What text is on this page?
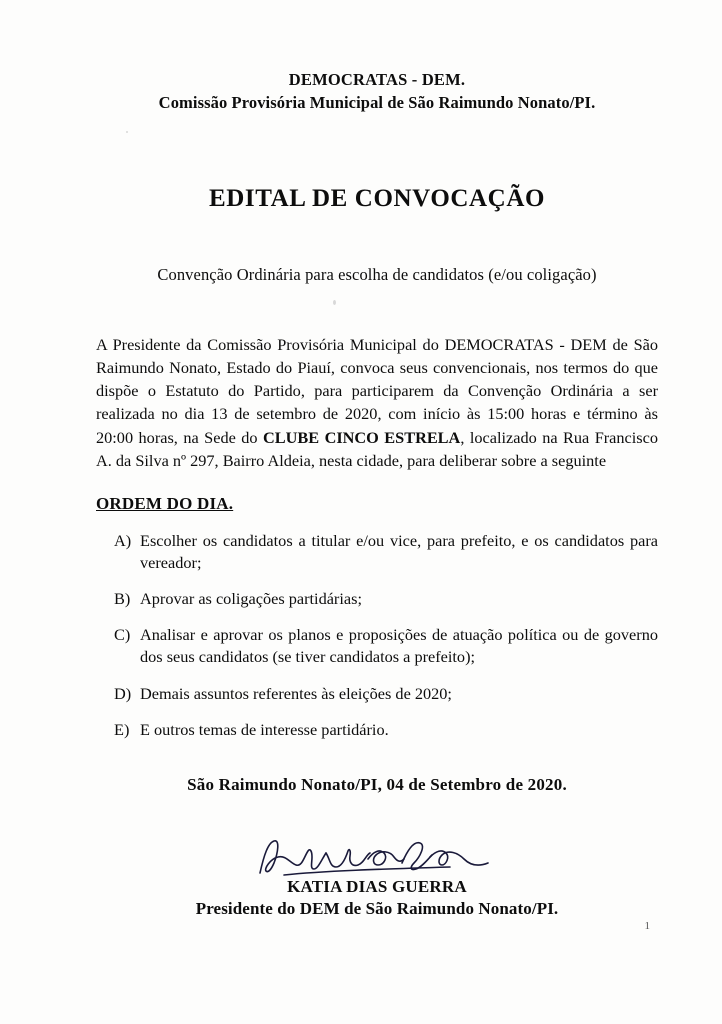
DEMOCRATAS - DEM.
Comissão Provisória Municipal de São Raimundo Nonato/PI.
EDITAL DE CONVOCAÇÃO
Convenção Ordinária para escolha de candidatos (e/ou coligação)

A Presidente da Comissão Provisória Municipal do DEMOCRATAS - DEM de São Raimundo Nonato, Estado do Piauí, convoca seus convencionais, nos termos do que dispõe o Estatuto do Partido, para participarem da Convenção Ordinária a ser realizada no dia 13 de setembro de 2020, com início às 15:00 horas e término às 20:00 horas, na Sede do CLUBE CINCO ESTRELA, localizado na Rua Francisco A. da Silva nº 297, Bairro Aldeia, nesta cidade, para deliberar sobre a seguinte

ORDEM DO DIA.
A) Escolher os candidatos a titular e/ou vice, para prefeito, e os candidatos para vereador;
B) Aprovar as coligações partidárias;
C) Analisar e aprovar os planos e proposições de atuação política ou de governo dos seus candidatos (se tiver candidatos a prefeito);
D) Demais assuntos referentes às eleições de 2020;
E) E outros temas de interesse partidário.
São Raimundo Nonato/PI, 04 de Setembro de 2020.
KATIA DIAS GUERRA
Presidente do DEM de São Raimundo Nonato/PI.
1
